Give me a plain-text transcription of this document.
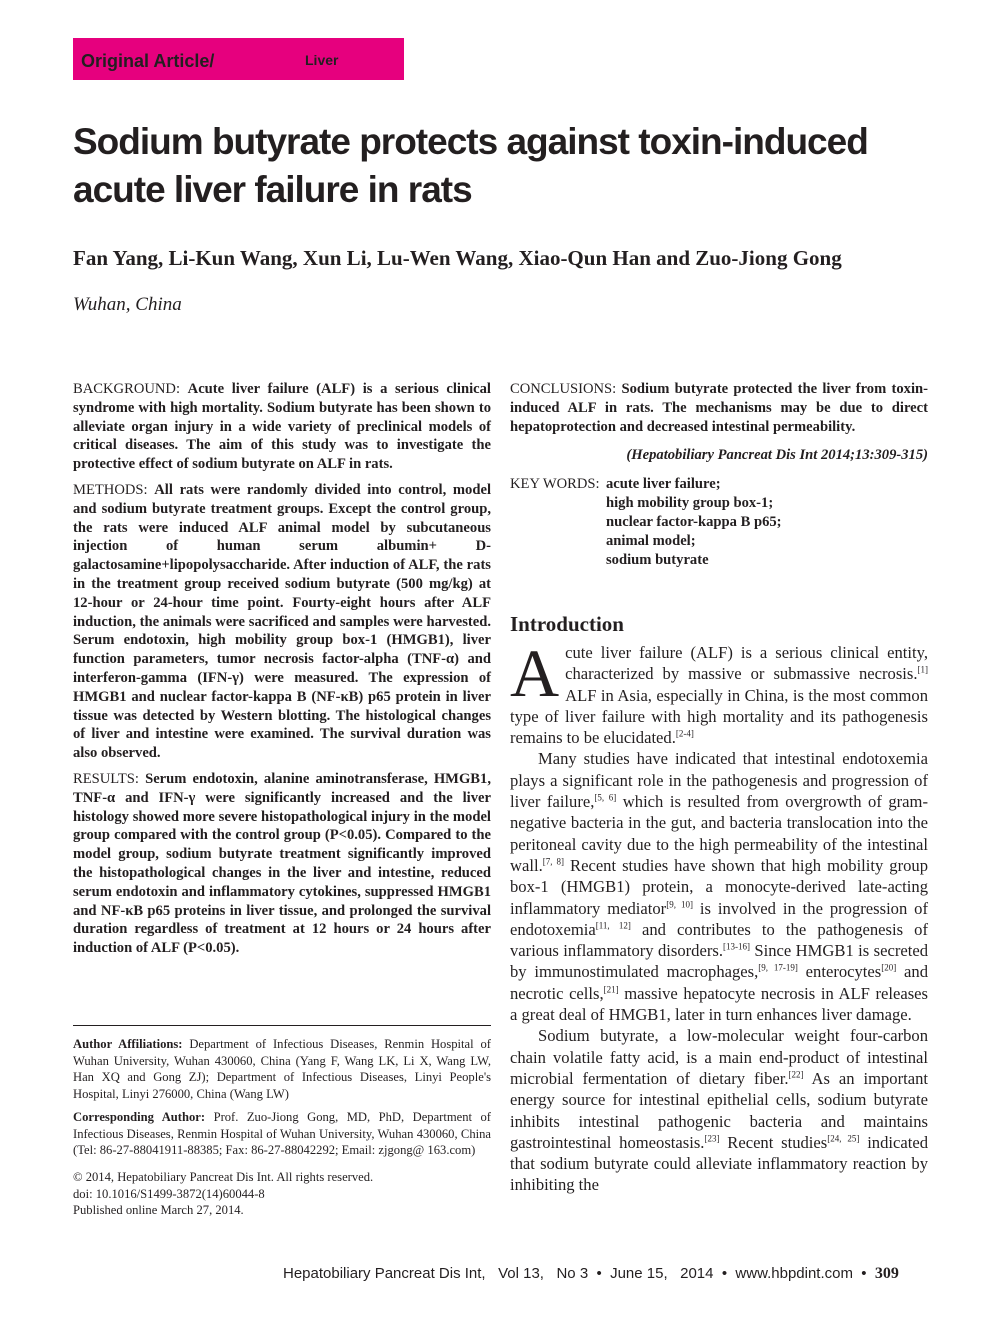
Original Article/	Liver
Sodium butyrate protects against toxin-induced acute liver failure in rats
Fan Yang, Li-Kun Wang, Xun Li, Lu-Wen Wang, Xiao-Qun Han and Zuo-Jiong Gong
Wuhan, China

BACKGROUND: Acute liver failure (ALF) is a serious clinical syndrome with high mortality. Sodium butyrate has been shown to alleviate organ injury in a wide variety of preclinical models of critical diseases. The aim of this study was to investigate the protective effect of sodium butyrate on ALF in rats.

METHODS: All rats were randomly divided into control, model and sodium butyrate treatment groups. Except the control group, the rats were induced ALF animal model by subcutaneous injection of human serum albumin+ D-galactosamine+lipopolysaccharide. After induction of ALF, the rats in the treatment group received sodium butyrate (500 mg/kg) at 12-hour or 24-hour time point. Fourty-eight hours after ALF induction, the animals were sacrificed and samples were harvested. Serum endotoxin, high mobility group box-1 (HMGB1), liver function parameters, tumor necrosis factor-alpha (TNF-α) and interferon-gamma (IFN-γ) were measured. The expression of HMGB1 and nuclear factor-kappa B (NF-κB) p65 protein in liver tissue was detected by Western blotting. The histological changes of liver and intestine were examined. The survival duration was also observed.

RESULTS: Serum endotoxin, alanine aminotransferase, HMGB1, TNF-α and IFN-γ were significantly increased and the liver histology showed more severe histopathological injury in the model group compared with the control group (P<0.05). Compared to the model group, sodium butyrate treatment significantly improved the histopathological changes in the liver and intestine, reduced serum endotoxin and inflammatory cytokines, suppressed HMGB1 and NF-κB p65 proteins in liver tissue, and prolonged the survival duration regardless of treatment at 12 hours or 24 hours after induction of ALF (P<0.05).

CONCLUSIONS: Sodium butyrate protected the liver from toxin-induced ALF in rats. The mechanisms may be due to direct hepatoprotection and decreased intestinal permeability.

(Hepatobiliary Pancreat Dis Int 2014;13:309-315)

KEY WORDS: acute liver failure;
high mobility group box-1;
nuclear factor-kappa B p65;
animal model;
sodium butyrate

Author Affiliations: Department of Infectious Diseases, Renmin Hospital of Wuhan University, Wuhan 430060, China (Yang F, Wang LK, Li X, Wang LW, Han XQ and Gong ZJ); Department of Infectious Diseases, Linyi People's Hospital, Linyi 276000, China (Wang LW)

Corresponding Author: Prof. Zuo-Jiong Gong, MD, PhD, Department of Infectious Diseases, Renmin Hospital of Wuhan University, Wuhan 430060, China (Tel: 86-27-88041911-88385; Fax: 86-27-88042292; Email: zjgong@ 163.com)

© 2014, Hepatobiliary Pancreat Dis Int. All rights reserved.
doi: 10.1016/S1499-3872(14)60044-8
Published online March 27, 2014.
Introduction

Acute liver failure (ALF) is a serious clinical entity, characterized by massive or submassive necrosis.[1] ALF in Asia, especially in China, is the most common type of liver failure with high mortality and its pathogenesis remains to be elucidated.[2-4]

Many studies have indicated that intestinal endotoxemia plays a significant role in the pathogenesis and progression of liver failure,[5, 6] which is resulted from overgrowth of gram-negative bacteria in the gut, and bacteria translocation into the peritoneal cavity due to the high permeability of the intestinal wall.[7, 8] Recent studies have shown that high mobility group box-1 (HMGB1) protein, a monocyte-derived late-acting inflammatory mediator[9, 10] is involved in the progression of endotoxemia[11, 12] and contributes to the pathogenesis of various inflammatory disorders.[13-16] Since HMGB1 is secreted by immunostimulated macrophages,[9, 17-19] enterocytes[20] and necrotic cells,[21] massive hepatocyte necrosis in ALF releases a great deal of HMGB1, later in turn enhances liver damage.

Sodium butyrate, a low-molecular weight four-carbon chain volatile fatty acid, is a main end-product of intestinal microbial fermentation of dietary fiber.[22] As an important energy source for intestinal epithelial cells, sodium butyrate inhibits intestinal pathogenic bacteria and maintains gastrointestinal homeostasis.[23] Recent studies[24, 25] indicated that sodium butyrate could alleviate inflammatory reaction by inhibiting the

Hepatobiliary Pancreat Dis Int,   Vol 13,   No 3  •  June 15,   2014  •  www.hbpdint.com  •  309
